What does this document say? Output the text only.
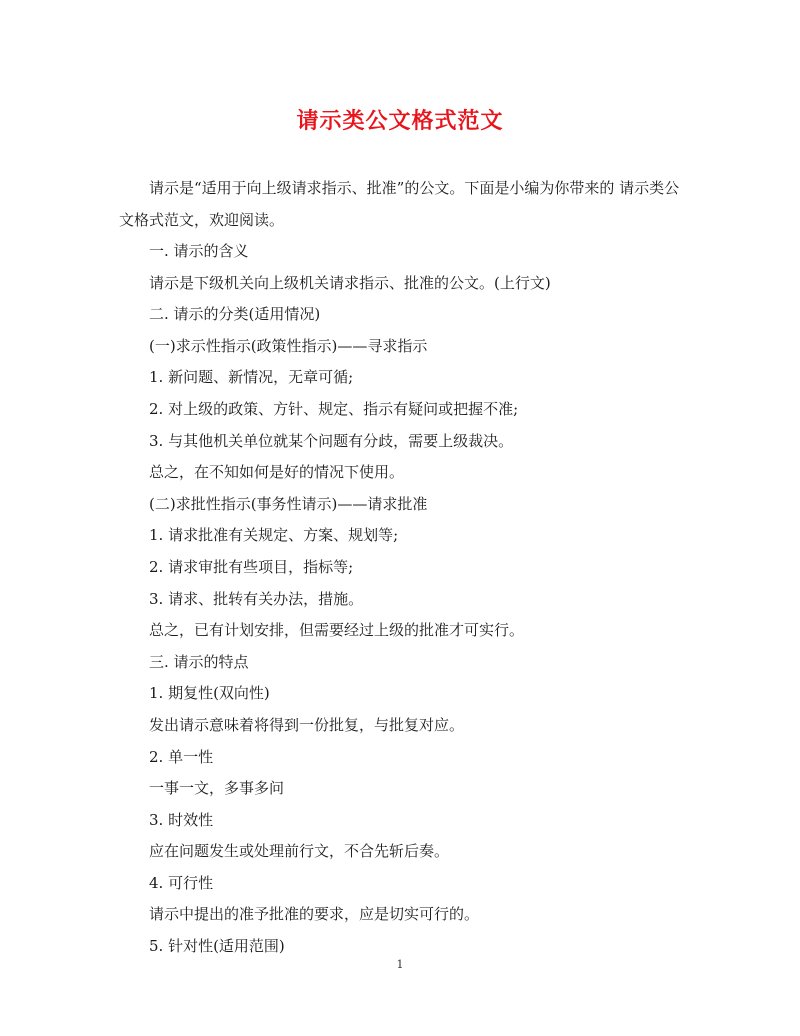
请示类公文格式范文

请示是“适用于向上级请求指示、批准”的公文。下面是小编为你带来的 请示类公文格式范文，欢迎阅读。

一. 请示的含义
请示是下级机关向上级机关请求指示、批准的公文。(上行文)
二. 请示的分类(适用情况)
(一)求示性指示(政策性指示)——寻求指示
1. 新问题、新情况，无章可循;
2. 对上级的政策、方针、规定、指示有疑问或把握不准;
3. 与其他机关单位就某个问题有分歧，需要上级裁决。
总之，在不知如何是好的情况下使用。
(二)求批性指示(事务性请示)——请求批准
1. 请求批准有关规定、方案、规划等;
2. 请求审批有些项目，指标等;
3. 请求、批转有关办法，措施。
总之，已有计划安排，但需要经过上级的批准才可实行。
三. 请示的特点
1. 期复性(双向性)
发出请示意味着将得到一份批复，与批复对应。
2. 单一性
一事一文，多事多问
3. 时效性
应在问题发生或处理前行文，不合先斩后奏。
4. 可行性
请示中提出的准予批准的要求，应是切实可行的。
5. 针对性(适用范围)
1
